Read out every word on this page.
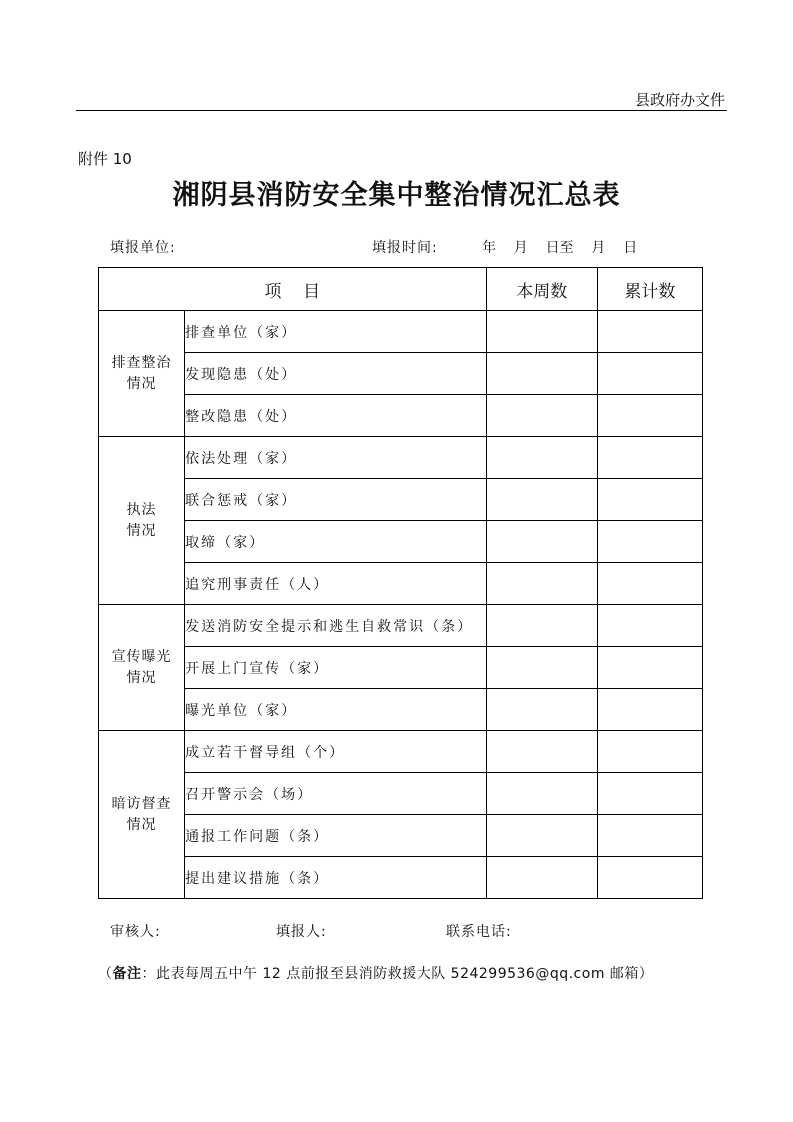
县政府办文件
附件 10
湘阴县消防安全集中整治情况汇总表
填报单位:	填报时间:	年    月    日至    月    日
项    目		本周数	累计数

排查整治
情况	排查单位（家）		
	发现隐患（处）		
	整改隐患（处）		

执法
情况	依法处理（家）		
	联合惩戒（家）		
	取缔（家）		
	追究刑事责任（人）		

宣传曝光
情况	发送消防安全提示和逃生自救常识（条）		
	开展上门宣传（家）		
	曝光单位（家）		

暗访督查
情况	成立若干督导组（个）		
	召开警示会（场）		
	通报工作问题（条）		
	提出建议措施（条）		
审核人:	填报人:	联系电话:
（备注：此表每周五中午 12 点前报至县消防救援大队 524299536@qq.com 邮箱）
